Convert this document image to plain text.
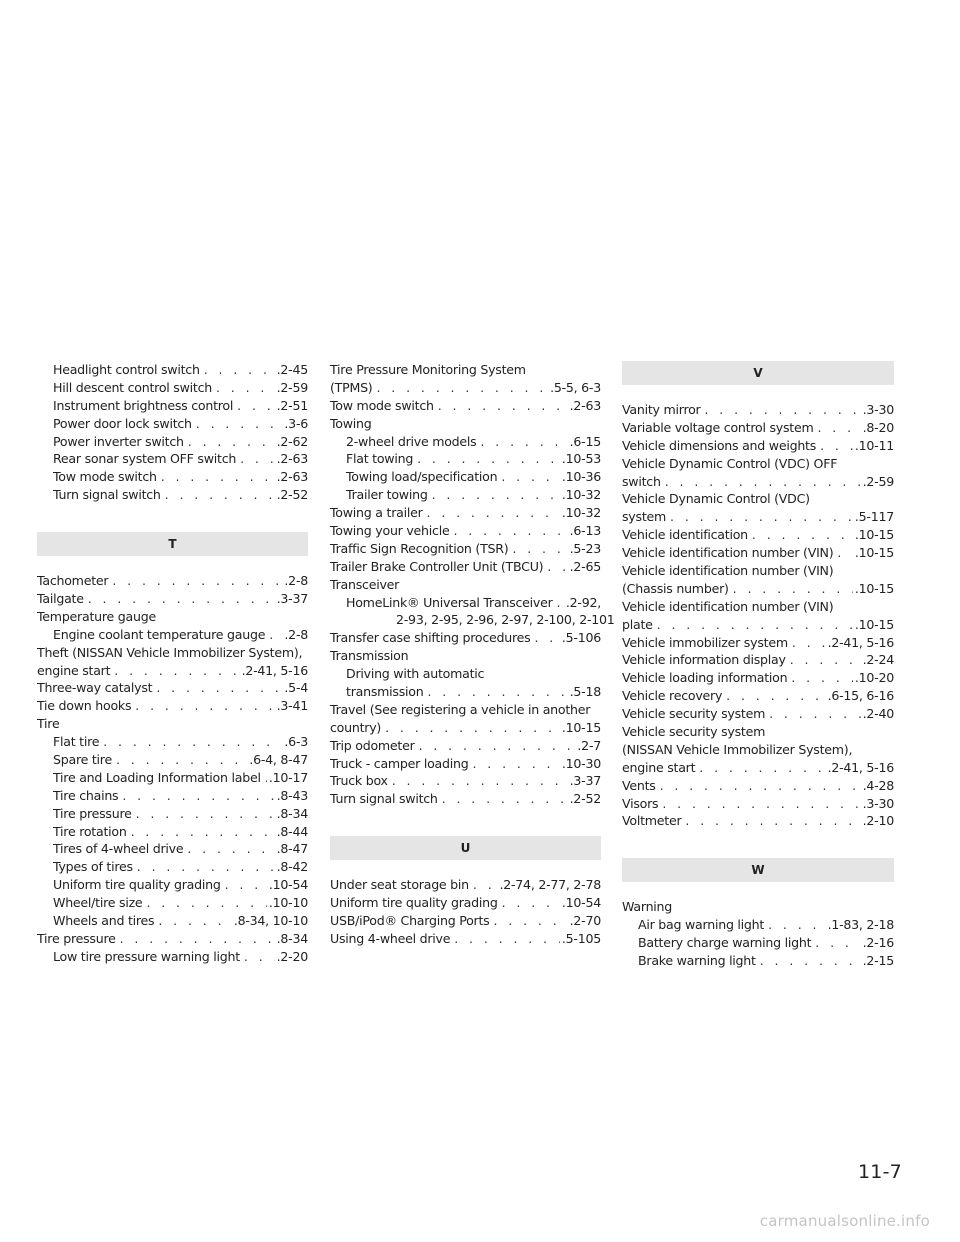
Headlight control switch . . .	.2-45
Hill descent control switch . . .	.2-59
Instrument brightness control . . .	.2-51
Power door lock switch . . .	.3-6
Power inverter switch . . .	.2-62
Rear sonar system OFF switch . . .	.2-63
Tow mode switch . . .	.2-63
Turn signal switch . . .	.2-52
T
Tachometer . . .	.2-8
Tailgate . . .	.3-37
Temperature gauge
Engine coolant temperature gauge . . . .2-8
Theft (NISSAN Vehicle Immobilizer System),
engine start . . .	.2-41, 5-16
Three-way catalyst . . .	.5-4
Tie down hooks . . .	.3-41
Tire
Flat tire . . .	.6-3
Spare tire . . .	.6-4, 8-47
Tire and Loading Information label . . . .10-17
Tire chains . . .	.8-43
Tire pressure . . .	.8-34
Tire rotation . . .	.8-44
Tires of 4-wheel drive . . .	.8-47
Types of tires . . .	.8-42
Uniform tire quality grading . . .	.10-54
Wheel/tire size . . .	.10-10
Wheels and tires . . .	.8-34, 10-10
Tire pressure . . .	.8-34
Low tire pressure warning light . . .	.2-20
Tire Pressure Monitoring System
(TPMS) . . .	.5-5, 6-3
Tow mode switch . . .	.2-63
Towing
2-wheel drive models . . .	.6-15
Flat towing . . .	.10-53
Towing load/specification . . .	.10-36
Trailer towing . . .	.10-32
Towing a trailer . . .	.10-32
Towing your vehicle . . .	.6-13
Traffic Sign Recognition (TSR) . . .	.5-23
Trailer Brake Controller Unit (TBCU) . . . .2-65
Transceiver
HomeLink® Universal Transceiver . . . .2-92,
2-93, 2-95, 2-96, 2-97, 2-100, 2-101
Transfer case shifting procedures . . . .5-106
Transmission
Driving with automatic
transmission . . .	.5-18
Travel (See registering a vehicle in another
country) . . .	.10-15
Trip odometer . . .	.2-7
Truck - camper loading . . .	.10-30
Truck box . . .	.3-37
Turn signal switch . . .	.2-52
U
Under seat storage bin . . . .2-74, 2-77, 2-78
Uniform tire quality grading . . .	.10-54
USB/iPod® Charging Ports . . .	.2-70
Using 4-wheel drive . . .	.5-105
V
Vanity mirror . . .	.3-30
Variable voltage control system . . .	.8-20
Vehicle dimensions and weights . . .	.10-11
Vehicle Dynamic Control (VDC) OFF
switch . . .	.2-59
Vehicle Dynamic Control (VDC)
system . . .	.5-117
Vehicle identification . . .	.10-15
Vehicle identification number (VIN) . . . .10-15
Vehicle identification number (VIN)
(Chassis number) . . .	.10-15
Vehicle identification number (VIN)
plate . . .	.10-15
Vehicle immobilizer system . . .	.2-41, 5-16
Vehicle information display . . .	.2-24
Vehicle loading information . . .	.10-20
Vehicle recovery . . .	.6-15, 6-16
Vehicle security system . . .	.2-40
Vehicle security system
(NISSAN Vehicle Immobilizer System),
engine start . . .	.2-41, 5-16
Vents . . .	.4-28
Visors . . .	.3-30
Voltmeter . . .	.2-10
W
Warning
Air bag warning light . . .	.1-83, 2-18
Battery charge warning light . . .	.2-16
Brake warning light . . .	.2-15
11-7
carmanualsonline.info
